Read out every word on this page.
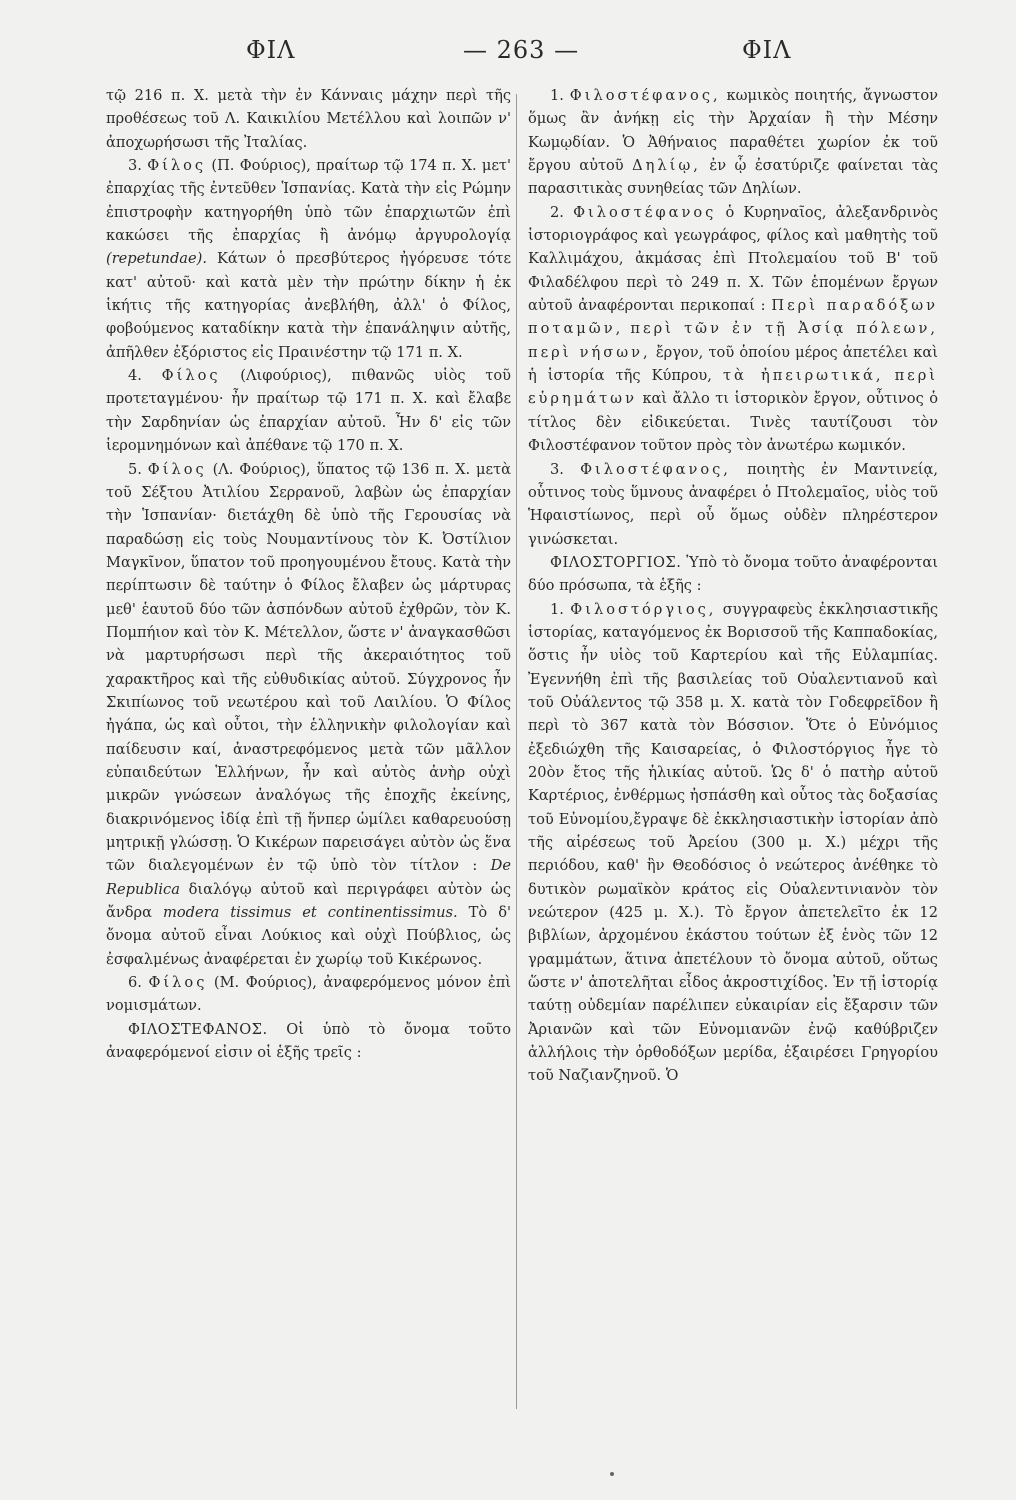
ΦΙΛ	— 263 —	ΦΙΛ

τῷ 216 π. Χ. μετὰ τὴν ἐν Κάνναις μάχην περὶ τῆς προθέσεως τοῦ Λ. Καικιλίου Μετέλλου καὶ λοιπῶν ν' ἀποχωρήσωσι τῆς Ἰταλίας.

3. Φίλος (Π. Φούριος), πραίτωρ τῷ 174 π. Χ. μετ' ἐπαρχίας τῆς ἐντεῦθεν Ἱσπανίας. Κατὰ τὴν εἰς Ρώμην ἐπιστροφὴν κατηγορήθη ὑπὸ τῶν ἐπαρχιωτῶν ἐπὶ κακώσει τῆς ἐπαρχίας ἢ ἀνόμῳ ἀργυρολογίᾳ (repetundae). Κάτων ὁ πρεσβύτερος ἠγόρευσε τότε κατ' αὐτοῦ· καὶ κατὰ μὲν τὴν πρώτην δίκην ἡ ἐκ ἱκήτις τῆς κατηγορίας ἀνεβλήθη, ἀλλ' ὁ Φίλος, φοβούμενος καταδίκην κατὰ τὴν ἐπανάληψιν αὐτῆς, ἀπῆλθεν ἐξόριστος εἰς Πραινέστην τῷ 171 π. Χ.

4. Φίλος (Λιφούριος), πιθανῶς υἱὸς τοῦ προτεταγμένου· ἦν πραίτωρ τῷ 171 π. Χ. καὶ ἔλαβε τὴν Σαρδηνίαν ὡς ἐπαρχίαν αὐτοῦ. Ἦν δ' εἰς τῶν ἱερομνημόνων καὶ ἀπέθανε τῷ 170 π. Χ.

5. Φίλος (Λ. Φούριος), ὕπατος τῷ 136 π. Χ. μετὰ τοῦ Σέξτου Ἀτιλίου Σερρανοῦ, λαβὼν ὡς ἐπαρχίαν τὴν Ἱσπανίαν· διετάχθη δὲ ὑπὸ τῆς Γερουσίας νὰ παραδώσῃ εἰς τοὺς Νουμαντίνους τὸν Κ. Ὀστίλιον Μαγκῖνον, ὕπατον τοῦ προηγουμένου ἔτους. Κατὰ τὴν περίπτωσιν δὲ ταύτην ὁ Φίλος ἔλαβεν ὡς μάρτυρας μεθ' ἑαυτοῦ δύο τῶν ἀσπόνδων αὐτοῦ ἐχθρῶν, τὸν Κ. Πομπήιον καὶ τὸν Κ. Μέτελλον, ὥστε ν' ἀναγκασθῶσι νὰ μαρτυρήσωσι περὶ τῆς ἀκεραιότητος τοῦ χαρακτῆρος καὶ τῆς εὐθυδικίας αὐτοῦ. Σύγχρονος ἦν Σκιπίωνος τοῦ νεωτέρου καὶ τοῦ Λαιλίου. Ὁ Φίλος ἠγάπα, ὡς καὶ οὗτοι, τὴν ἑλληνικὴν φιλολογίαν καὶ παίδευσιν καί, ἀναστρεφόμενος μετὰ τῶν μᾶλλον εὐπαιδεύτων Ἑλλήνων, ἦν καὶ αὐτὸς ἀνὴρ οὐχὶ μικρῶν γνώσεων ἀναλόγως τῆς ἐποχῆς ἐκείνης, διακρινόμενος ἰδίᾳ ἐπὶ τῇ ἥνπερ ὡμίλει καθαρευούσῃ μητρικῇ γλώσσῃ. Ὁ Κικέρων παρεισάγει αὐτὸν ὡς ἕνα τῶν διαλεγομένων ἐν τῷ ὑπὸ τὸν τίτλον : De Republica διαλόγῳ αὐτοῦ καὶ περιγράφει αὐτὸν ὡς ἄνδρα modera tissimus et continentissimus. Τὸ δ' ὄνομα αὐτοῦ εἶναι Λούκιος καὶ οὐχὶ Πούβλιος, ὡς ἐσφαλμένως ἀναφέρεται ἐν χωρίῳ τοῦ Κικέρωνος.

6. Φίλος (Μ. Φούριος), ἀναφερόμενος μόνον ἐπὶ νομισμάτων.

ΦΙΛΟΣΤΕΦΑΝΟΣ. Οἱ ὑπὸ τὸ ὄνομα τοῦτο ἀναφερόμενοί εἰσιν οἱ ἑξῆς τρεῖς :

1. Φιλοστέφανος, κωμικὸς ποιητής, ἄγνωστον ὅμως ἂν ἀνήκῃ εἰς τὴν Ἀρχαίαν ἢ τὴν Μέσην Κωμῳδίαν. Ὁ Ἀθήναιος παραθέτει χωρίον ἐκ τοῦ ἔργου αὐτοῦ Δηλίῳ, ἐν ᾧ ἐσατύριζε φαίνεται τὰς παρασιτικὰς συνηθείας τῶν Δηλίων.

2. Φιλοστέφανος ὁ Κυρηναῖος, ἀλεξανδρινὸς ἱστοριογράφος καὶ γεωγράφος, φίλος καὶ μαθητὴς τοῦ Καλλιμάχου, ἀκμάσας ἐπὶ Πτολεμαίου τοῦ Β' τοῦ Φιλαδέλφου περὶ τὸ 249 π. Χ. Τῶν ἑπομένων ἔργων αὐτοῦ ἀναφέρονται περικοπαί : Περὶ παραδόξων ποταμῶν, περὶ τῶν ἐν τῇ Ἀσίᾳ πόλεων, περὶ νήσων, ἔργον, τοῦ ὁποίου μέρος ἀπετέλει καὶ ἡ ἱστορία τῆς Κύπρου, τὰ ἠπειρωτικά, περὶ εὑρημάτων καὶ ἄλλο τι ἱστορικὸν ἔργον, οὗτινος ὁ τίτλος δὲν εἰδικεύεται. Τινὲς ταυτίζουσι τὸν Φιλοστέφανον τοῦτον πρὸς τὸν ἀνωτέρω κωμικόν.

3. Φιλοστέφανος, ποιητὴς ἐν Μαντινείᾳ, οὗτινος τοὺς ὕμνους ἀναφέρει ὁ Πτολεμαῖος, υἱὸς τοῦ Ἡφαιστίωνος, περὶ οὗ ὅμως οὐδὲν πληρέστερον γινώσκεται.

ΦΙΛΟΣΤΟΡΓΙΟΣ. Ὑπὸ τὸ ὄνομα τοῦτο ἀναφέρονται δύο πρόσωπα, τὰ ἑξῆς :

1. Φιλοστόργιος, συγγραφεὺς ἐκκλησιαστικῆς ἱστορίας, καταγόμενος ἐκ Βορισσοῦ τῆς Καππαδοκίας, ὅστις ἦν υἱὸς τοῦ Καρτερίου καὶ τῆς Εὐλαμπίας. Ἐγεννήθη ἐπὶ τῆς βασιλείας τοῦ Οὐαλεντιανοῦ καὶ τοῦ Οὐάλεντος τῷ 358 μ. Χ. κατὰ τὸν Γοδεφρεῖδον ἢ περὶ τὸ 367 κατὰ τὸν Βόσσιον. Ὅτε ὁ Εὐνόμιος ἐξεδιώχθη τῆς Καισαρείας, ὁ Φιλοστόργιος ἦγε τὸ 20ὸν ἔτος τῆς ἡλικίας αὐτοῦ. Ὡς δ' ὁ πατὴρ αὐτοῦ Καρτέριος, ἐνθέρμως ἠσπάσθη καὶ οὗτος τὰς δοξασίας τοῦ Εὐνομίου,ἔγραψε δὲ ἐκκλησιαστικὴν ἱστορίαν ἀπὸ τῆς αἱρέσεως τοῦ Ἀρείου (300 μ. Χ.) μέχρι τῆς περιόδου, καθ' ἣν Θεοδόσιος ὁ νεώτερος ἀνέθηκε τὸ δυτικὸν ρωμαϊκὸν κράτος εἰς Οὐαλεντινιανὸν τὸν νεώτερον (425 μ. Χ.). Τὸ ἔργον ἀπετελεῖτο ἐκ 12 βιβλίων, ἀρχομένου ἑκάστου τούτων ἐξ ἑνὸς τῶν 12 γραμμάτων, ἅτινα ἀπετέλουν τὸ ὄνομα αὐτοῦ, οὕτως ὥστε ν' ἀποτελῆται εἶδος ἀκροστιχίδος. Ἐν τῇ ἱστορίᾳ ταύτῃ οὐδεμίαν παρέλιπεν εὐκαιρίαν εἰς ἔξαρσιν τῶν Ἀριανῶν καὶ τῶν Εὐνομιανῶν ἐνῷ καθύβριζεν ἀλλήλοις τὴν ὀρθοδόξων μερίδα, ἐξαιρέσει Γρηγορίου τοῦ Ναζιανζηνοῦ. Ὁ
